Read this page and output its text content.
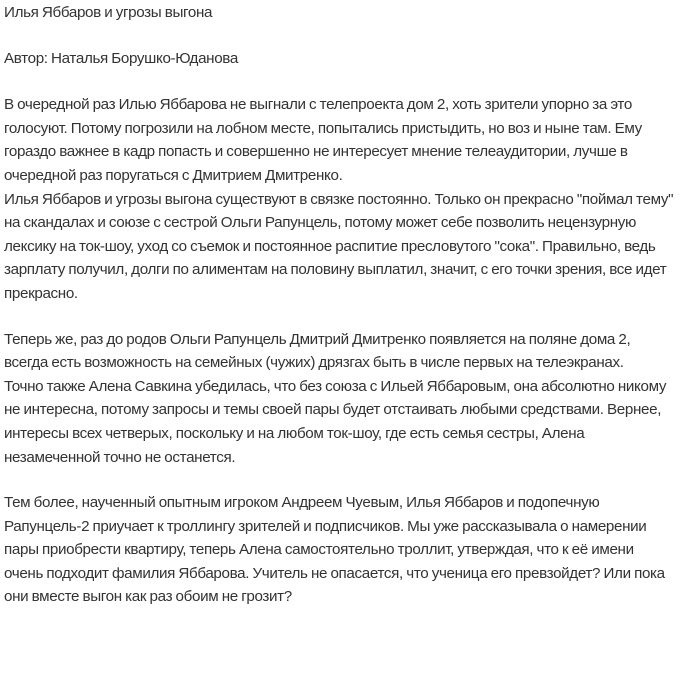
Илья Яббаров и угрозы выгона

Автор: Наталья Борушко-Юданова

В очередной раз Илью Яббарова не выгнали с телепроекта дом 2, хоть зрители упорно за это голосуют. Потому погрозили на лобном месте, попытались пристыдить, но воз и ныне там. Ему гораздо важнее в кадр попасть и совершенно не интересует мнение телеаудитории, лучше в очередной раз поругаться с Дмитрием Дмитренко.

Илья Яббаров и угрозы выгона существуют в связке постоянно. Только он прекрасно "поймал тему" на скандалах и союзе с сестрой Ольги Рапунцель, потому может себе позволить нецензурную лексику на ток-шоу, уход со съемок и постоянное распитие пресловутого "сока". Правильно, ведь зарплату получил, долги по алиментам на половину выплатил, значит, с его точки зрения, все идет прекрасно.

Теперь же, раз до родов Ольги Рапунцель Дмитрий Дмитренко появляется на поляне дома 2, всегда есть возможность на семейных (чужих) дрязгах быть в числе первых на телеэкранах.

Точно также Алена Савкина убедилась, что без союза с Ильей Яббаровым, она абсолютно никому не интересна, потому запросы и темы своей пары будет отстаивать любыми средствами. Вернее, интересы всех четверых, поскольку и на любом ток-шоу, где есть семья сестры, Алена незамеченной точно не останется.

Тем более, наученный опытным игроком Андреем Чуевым, Илья Яббаров и подопечную Рапунцель-2 приучает к троллингу зрителей и подписчиков. Мы уже рассказывала о намерении пары приобрести квартиру, теперь Алена самостоятельно троллит, утверждая, что к её имени очень подходит фамилия Яббарова. Учитель не опасается, что ученица его превзойдет? Или пока они вместе выгон как раз обоим не грозит?
